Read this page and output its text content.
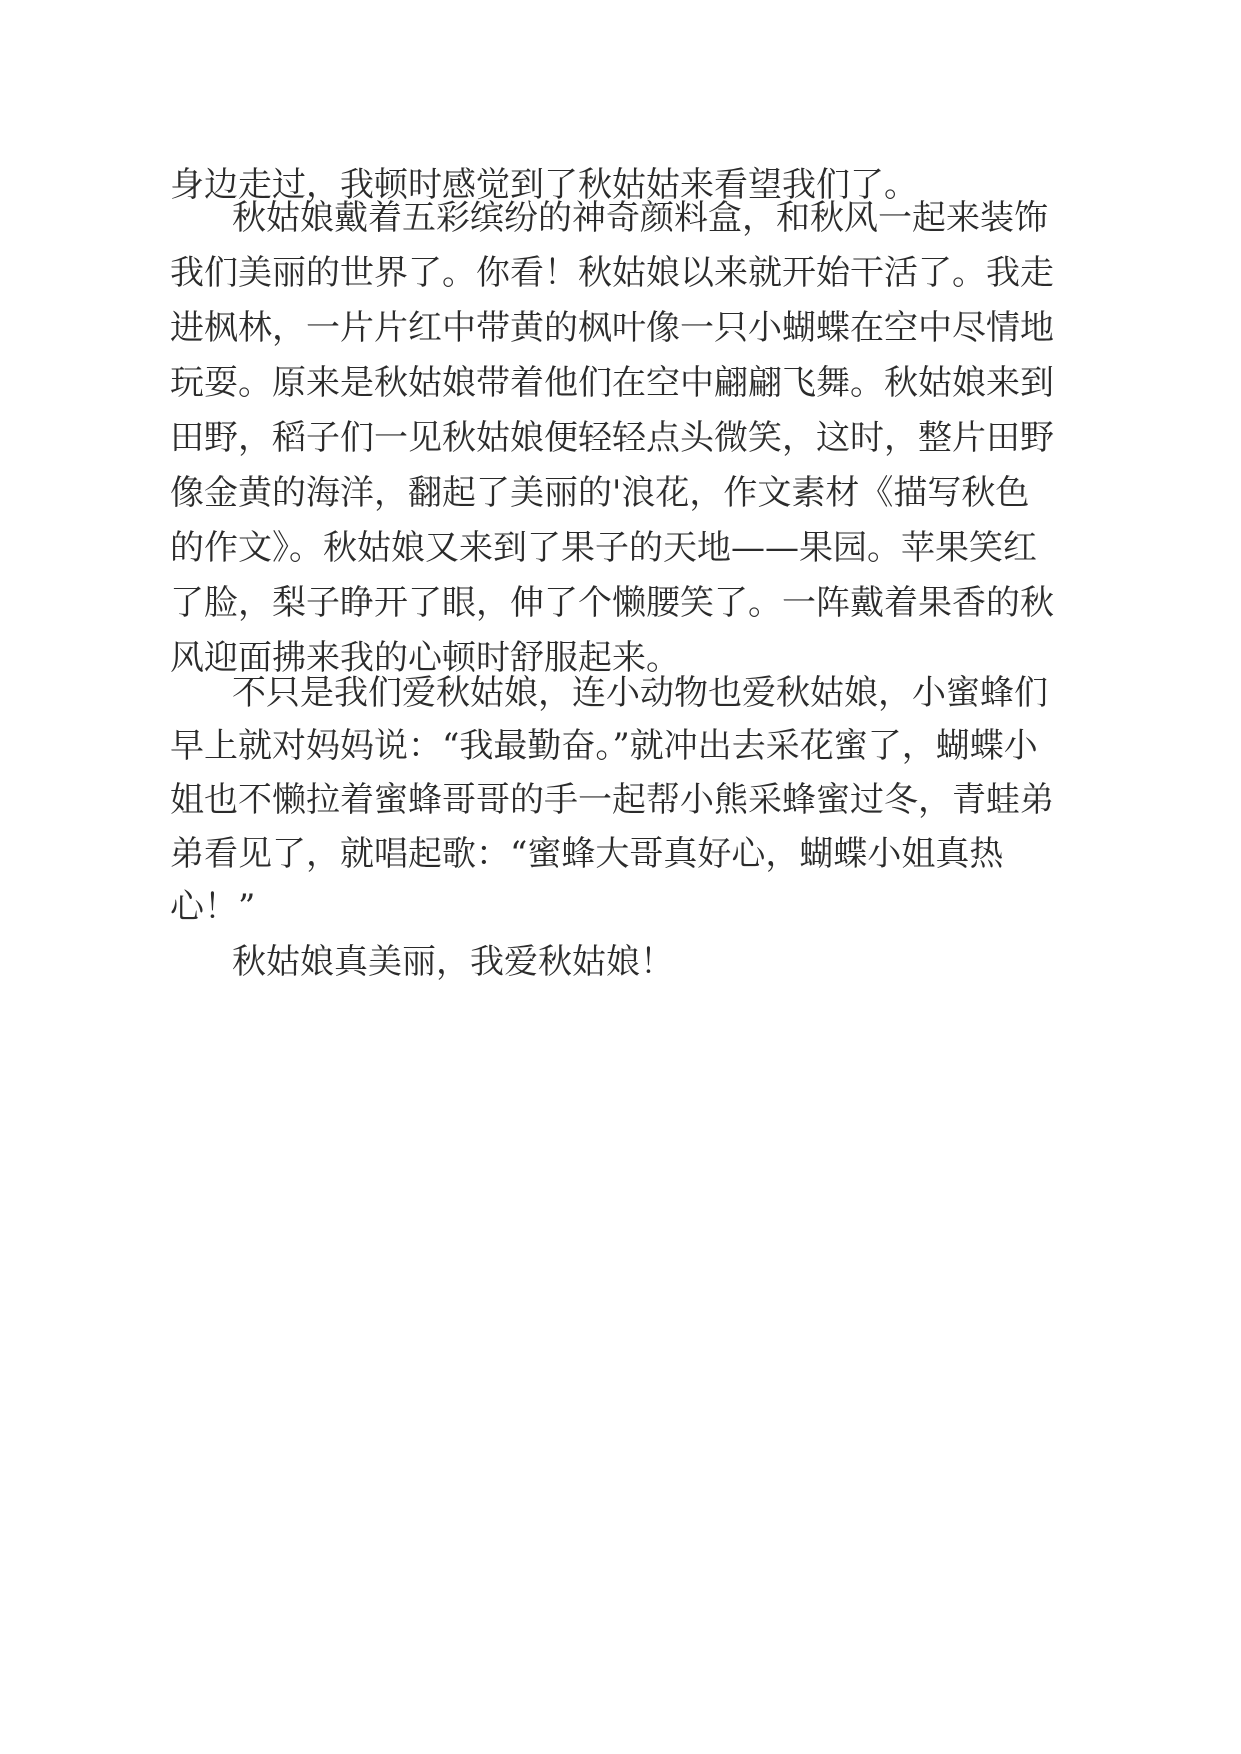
身边走过，我顿时感觉到了秋姑姑来看望我们了。
秋姑娘戴着五彩缤纷的神奇颜料盒，和秋风一起来装饰
我们美丽的世界了。你看！秋姑娘以来就开始干活了。我走
进枫林，一片片红中带黄的枫叶像一只小蝴蝶在空中尽情地
玩耍。原来是秋姑娘带着他们在空中翩翩飞舞。秋姑娘来到
田野，稻子们一见秋姑娘便轻轻点头微笑，这时，整片田野
像金黄的海洋，翻起了美丽的'浪花，作文素材《描写秋色
的作文》。秋姑娘又来到了果子的天地——果园。苹果笑红
了脸，梨子睁开了眼，伸了个懒腰笑了。一阵戴着果香的秋
风迎面拂来我的心顿时舒服起来。
不只是我们爱秋姑娘，连小动物也爱秋姑娘，小蜜蜂们
早上就对妈妈说：“我最勤奋。”就冲出去采花蜜了，蝴蝶小
姐也不懒拉着蜜蜂哥哥的手一起帮小熊采蜂蜜过冬，青蛙弟
弟看见了，就唱起歌：“蜜蜂大哥真好心，蝴蝶小姐真热
心！”
秋姑娘真美丽，我爱秋姑娘！
